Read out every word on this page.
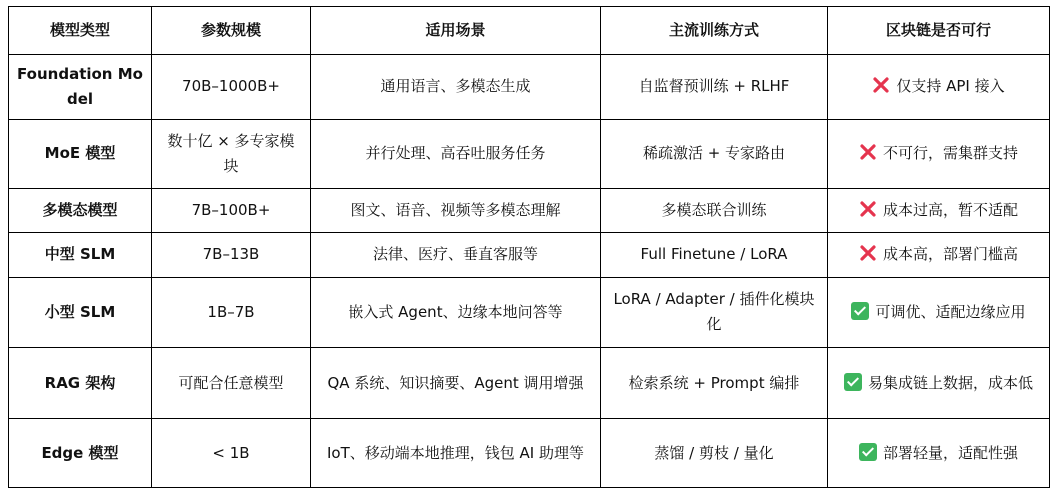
模型类型	参数规模	适用场景	主流训练方式	区块链是否可行
Foundation Model	70B–1000B+	通用语言、多模态生成	自监督预训练 + RLHF	仅支持 API 接入
MoE 模型	数十亿 × 多专家模块	并行处理、高吞吐服务任务	稀疏激活 + 专家路由	不可行，需集群支持
多模态模型	7B–100B+	图文、语音、视频等多模态理解	多模态联合训练	成本过高，暂不适配
中型 SLM	7B–13B	法律、医疗、垂直客服等	Full Finetune / LoRA	成本高，部署门槛高
小型 SLM	1B–7B	嵌入式 Agent、边缘本地问答等	LoRA / Adapter / 插件化模块化	可调优、适配边缘应用
RAG 架构	可配合任意模型	QA 系统、知识摘要、Agent 调用增强	检索系统 + Prompt 编排	易集成链上数据，成本低
Edge 模型	< 1B	IoT、移动端本地推理，钱包 AI 助理等	蒸馏 / 剪枝 / 量化	部署轻量，适配性强
